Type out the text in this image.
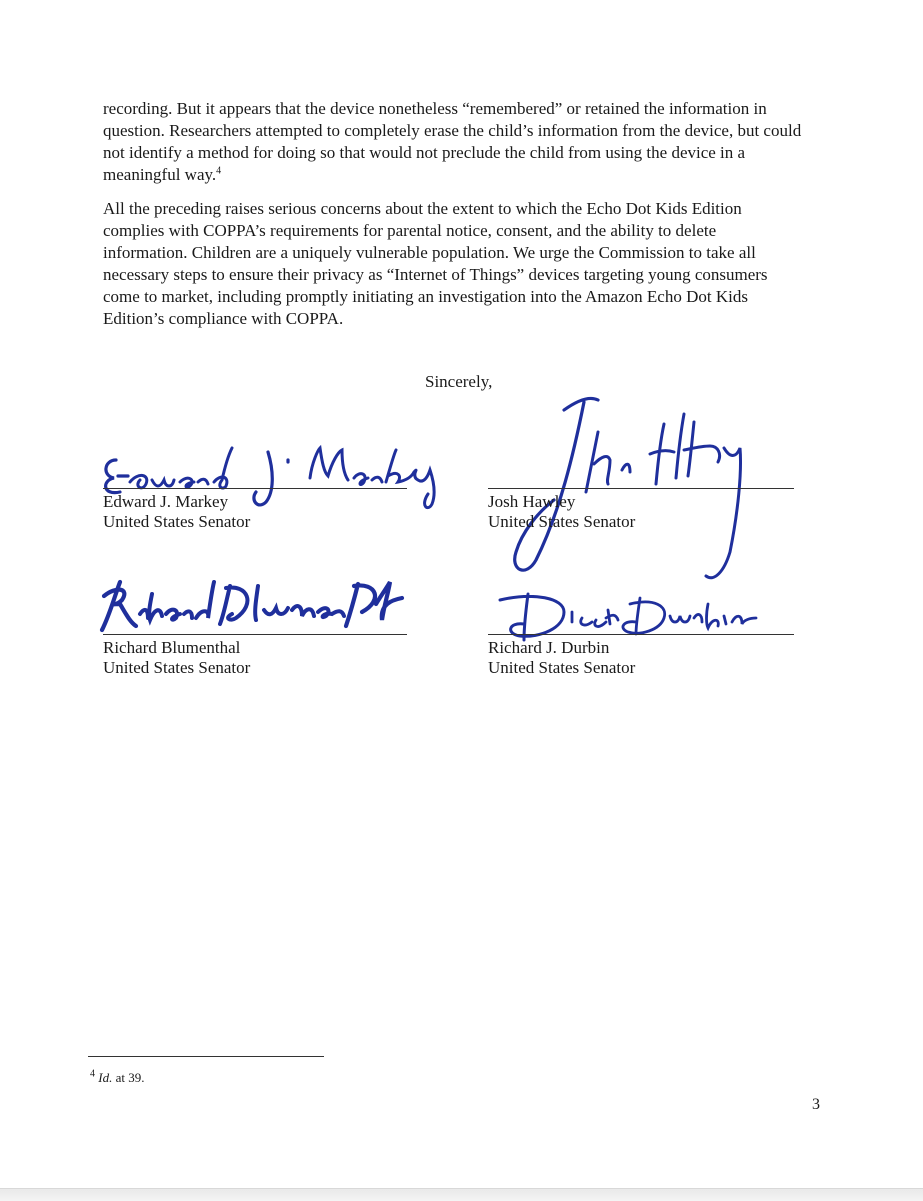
recording. But it appears that the device nonetheless “remembered” or retained the information in question. Researchers attempted to completely erase the child’s information from the device, but could not identify a method for doing so that would not preclude the child from using the device in a meaningful way.$^4$

All the preceding raises serious concerns about the extent to which the Echo Dot Kids Edition complies with COPPA’s requirements for parental notice, consent, and the ability to delete information. Children are a uniquely vulnerable population. We urge the Commission to take all necessary steps to ensure their privacy as “Internet of Things” devices targeting young consumers come to market, including promptly initiating an investigation into the Amazon Echo Dot Kids Edition’s compliance with COPPA.

Sincerely,

Edward J. Markey

United States Senator

Josh Hawley

United States Senator

Richard Blumenthal

United States Senator

Richard J. Durbin

United States Senator

$^4$ Id. at 39.

3
